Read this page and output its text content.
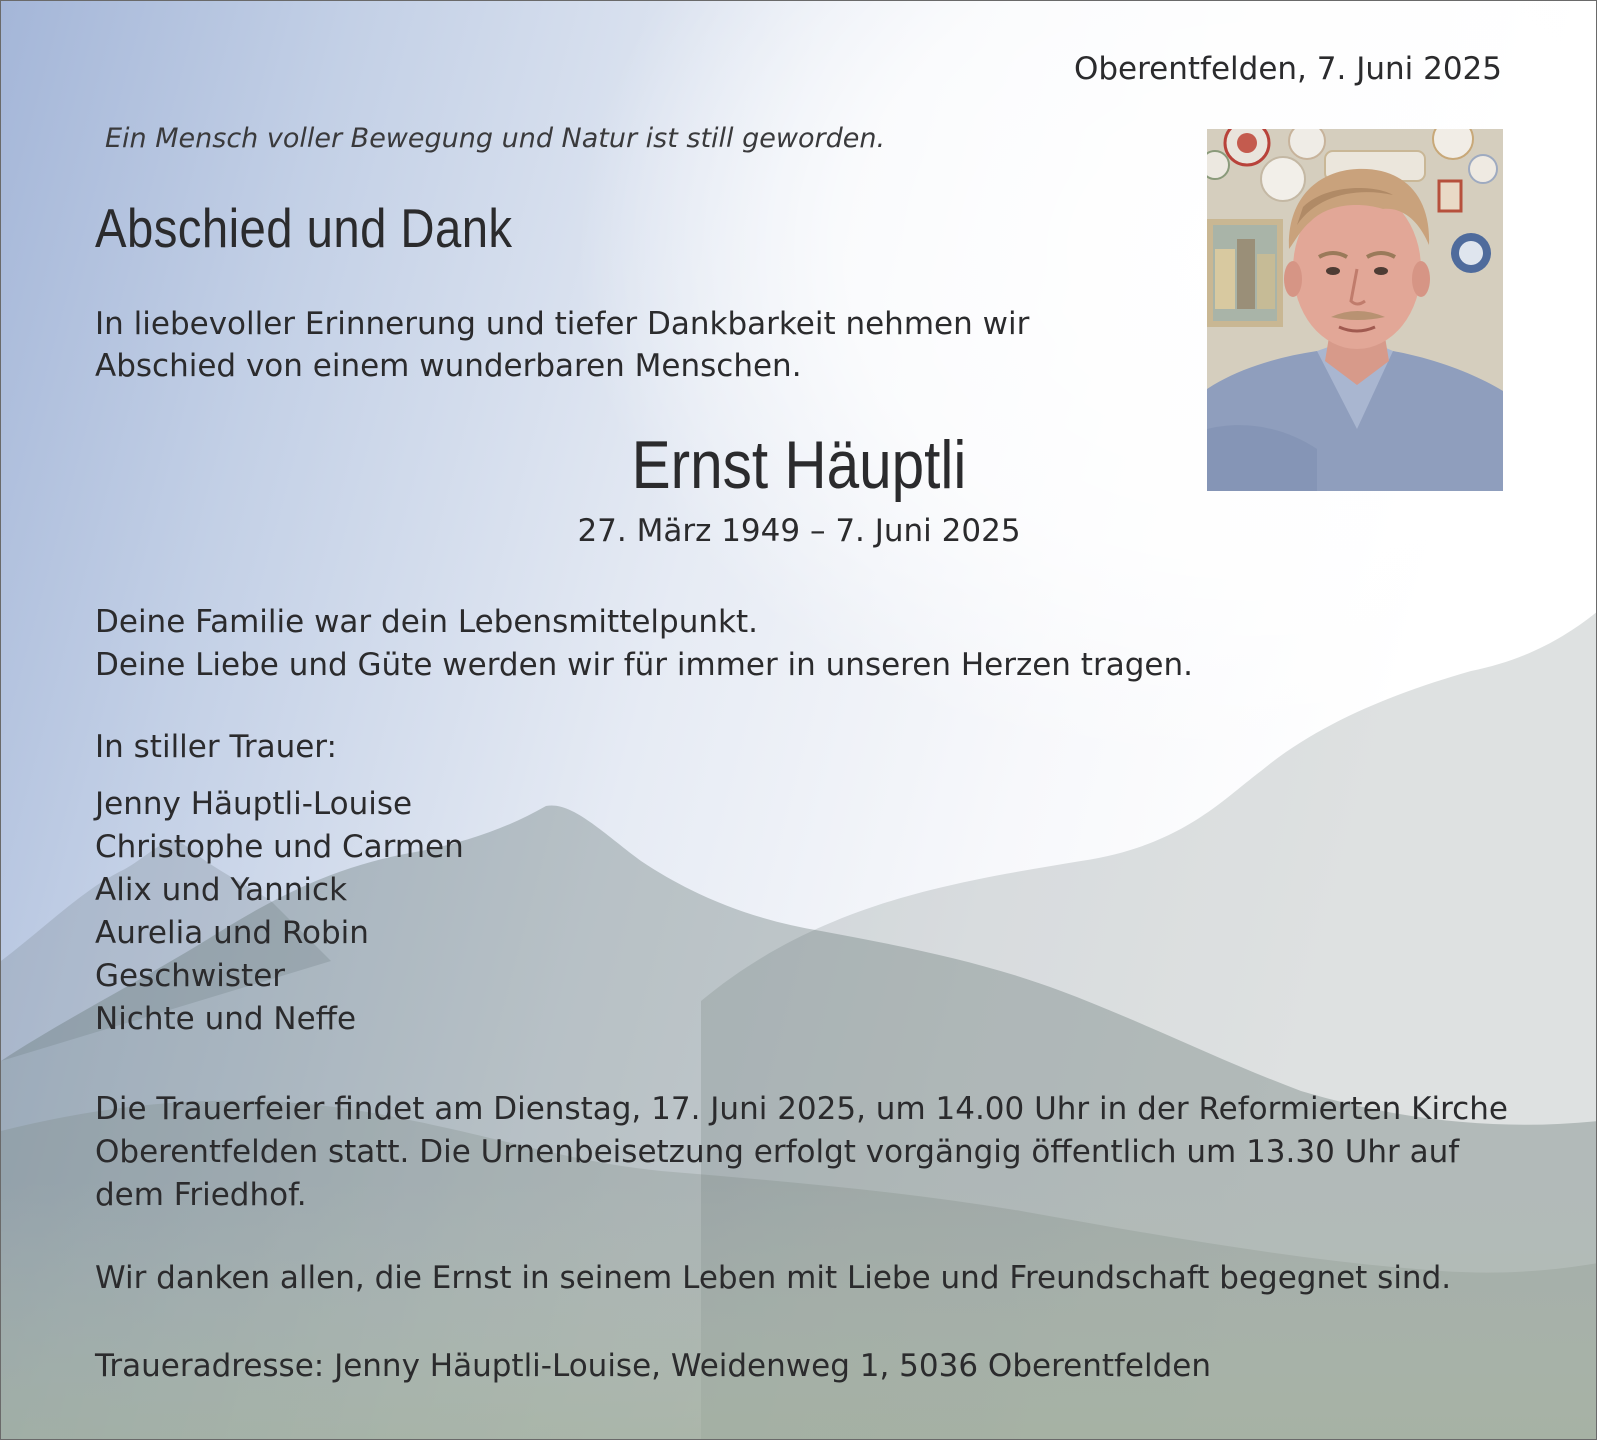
Oberentfelden, 7. Juni 2025

Ein Mensch voller Bewegung und Natur ist still geworden.

Abschied und Dank
In liebevoller Erinnerung und tiefer Dankbarkeit nehmen wir
Abschied von einem wunderbaren Menschen.
Ernst Häuptli

27. März 1949 – 7. Juni 2025

Deine Familie war dein Lebensmittelpunkt.
Deine Liebe und Güte werden wir für immer in unseren Herzen tragen.

In stiller Trauer:

Jenny Häuptli-Louise
Christophe und Carmen
Alix und Yannick
Aurelia und Robin
Geschwister
Nichte und Neffe
Die Trauerfeier findet am Dienstag, 17. Juni 2025, um 14.00 Uhr in der Reformierten Kirche
Oberentfelden statt. Die Urnenbeisetzung erfolgt vorgängig öffentlich um 13.30 Uhr auf
dem Friedhof.

Wir danken allen, die Ernst in seinem Leben mit Liebe und Freundschaft begegnet sind.

Traueradresse: Jenny Häuptli-Louise, Weidenweg 1, 5036 Oberentfelden
